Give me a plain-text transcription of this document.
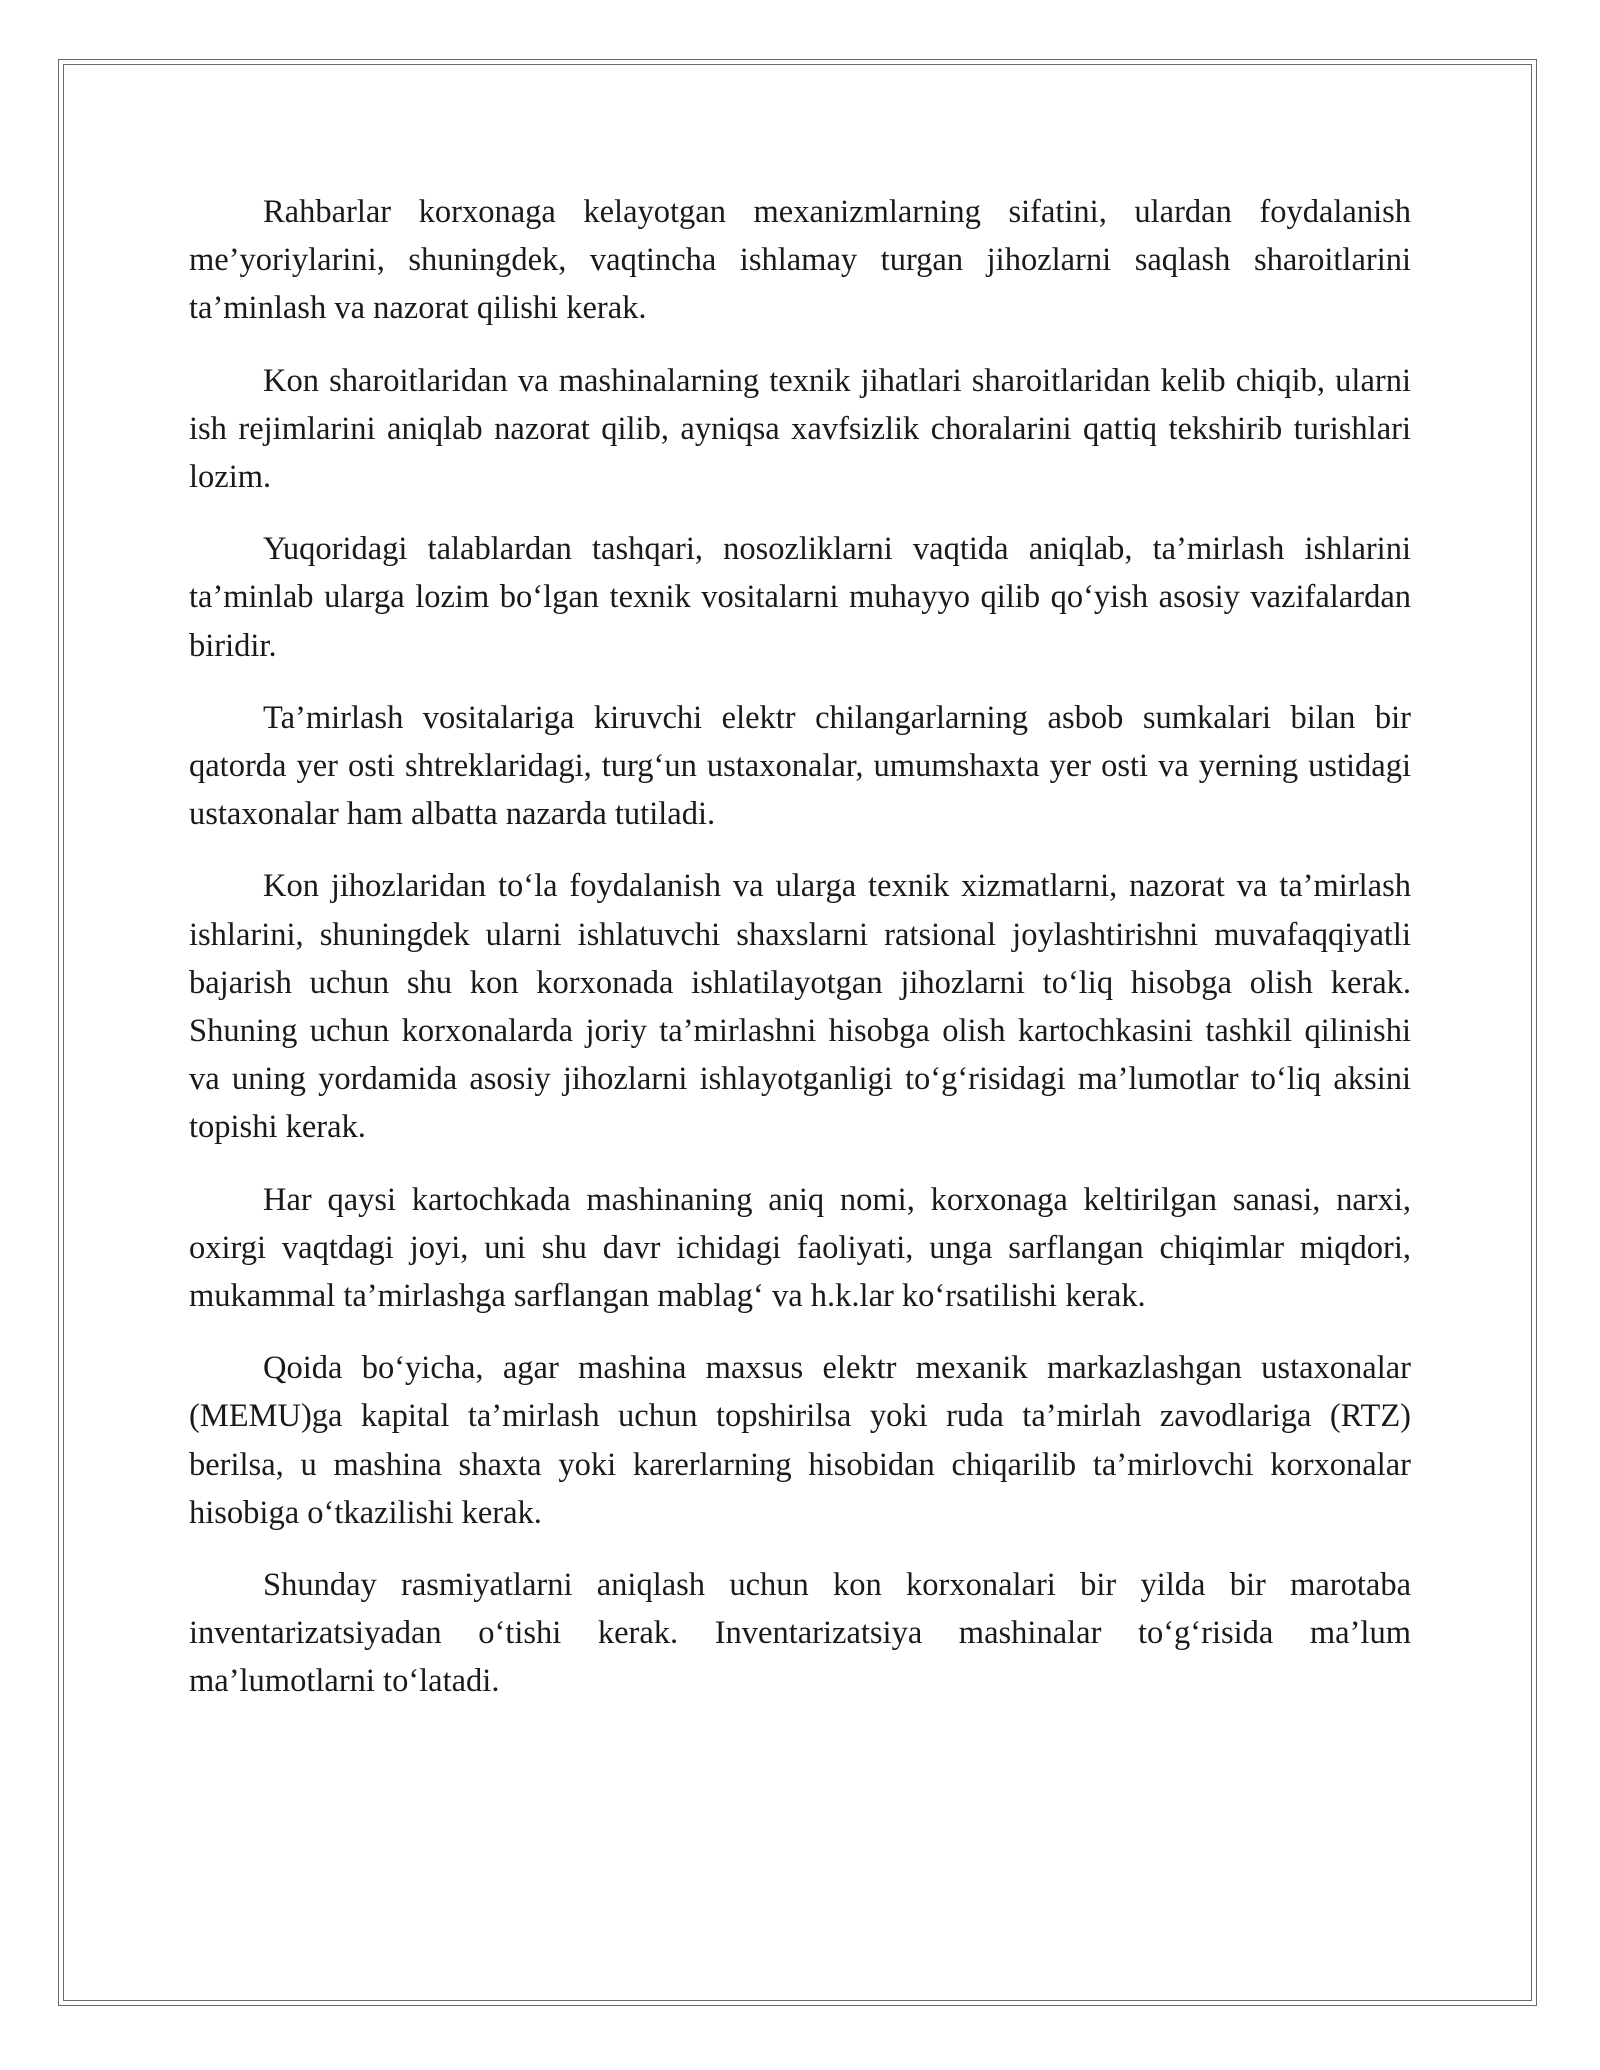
Rahbarlar korxonaga kelayotgan mexanizmlarning sifatini, ulardan foydalanish me’yoriylarini, shuningdek, vaqtincha ishlamay turgan jihozlarni saqlash sharoitlarini ta’minlash va nazorat qilishi kerak.

Kon sharoitlaridan va mashinalarning texnik jihatlari sharoitlaridan kelib chiqib, ularni ish rejimlarini aniqlab nazorat qilib, ayniqsa xavfsizlik choralarini qattiq tekshirib turishlari lozim.

Yuqoridagi talablardan tashqari, nosozliklarni vaqtida aniqlab, ta’mirlash ishlarini ta’minlab ularga lozim bo‘lgan texnik vositalarni muhayyo qilib qo‘yish asosiy vazifalardan biridir.

Ta’mirlash vositalariga kiruvchi elektr chilangarlarning asbob sumkalari bilan bir qatorda yer osti shtreklaridagi, turg‘un ustaxonalar, umumshaxta yer osti va yerning ustidagi ustaxonalar ham albatta nazarda tutiladi.

Kon jihozlaridan to‘la foydalanish va ularga texnik xizmatlarni, nazorat va ta’mirlash ishlarini, shuningdek ularni ishlatuvchi shaxslarni ratsional joylashtirishni muvafaqqiyatli bajarish uchun shu kon korxonada ishlatilayotgan jihozlarni to‘liq hisobga olish kerak. Shuning uchun korxonalarda joriy ta’mirlashni hisobga olish kartochkasini tashkil qilinishi va uning yordamida asosiy jihozlarni ishlayotganligi to‘g‘risidagi ma’lumotlar to‘liq aksini topishi kerak.

Har qaysi kartochkada mashinaning aniq nomi, korxonaga keltirilgan sanasi, narxi, oxirgi vaqtdagi joyi, uni shu davr ichidagi faoliyati, unga sarflangan chiqimlar miqdori, mukammal ta’mirlashga sarflangan mablag‘ va h.k.lar ko‘rsatilishi kerak.

Qoida bo‘yicha, agar mashina maxsus elektr mexanik markazlashgan ustaxonalar (MEMU)ga kapital ta’mirlash uchun topshirilsa yoki ruda ta’mirlah zavodlariga (RTZ) berilsa, u mashina shaxta yoki karerlarning hisobidan chiqarilib ta’mirlovchi korxonalar hisobiga o‘tkazilishi kerak.

Shunday rasmiyatlarni aniqlash uchun kon korxonalari bir yilda bir marotaba inventarizatsiyadan o‘tishi kerak. Inventarizatsiya mashinalar to‘g‘risida ma’lum ma’lumotlarni to‘latadi.
